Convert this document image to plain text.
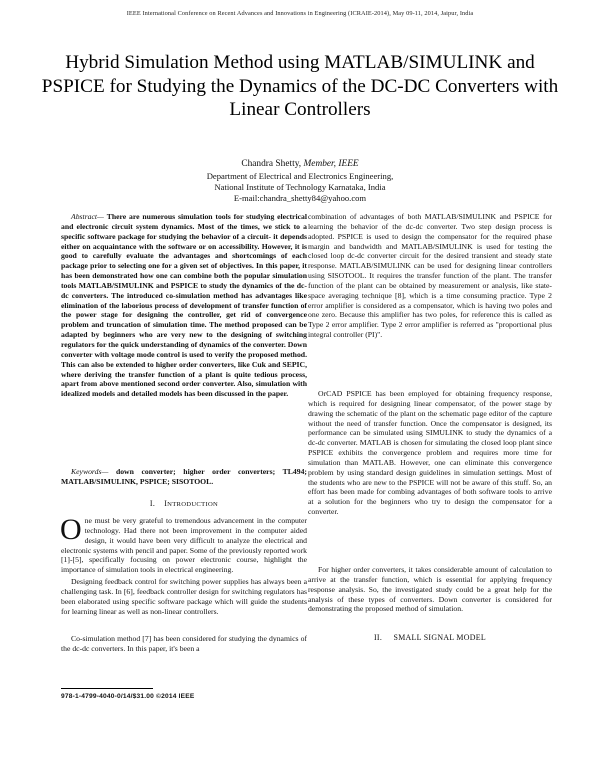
IEEE International Conference on Recent Advances and Innovations in Engineering (ICRAIE-2014), May 09-11, 2014, Jaipur, India
Hybrid Simulation Method using MATLAB/SIMULINK and PSPICE for Studying the Dynamics of the DC-DC Converters with Linear Controllers
Chandra Shetty, Member, IEEE
Department of Electrical and Electronics Engineering,
National Institute of Technology Karnataka, India
E-mail:chandra_shetty84@yahoo.com
Abstract— There are numerous simulation tools for studying electrical and electronic circuit system dynamics. Most of the times, we stick to a specific software package for studying the behavior of a circuit- it depends either on acquaintance with the software or on accessibility. However, it is good to carefully evaluate the advantages and shortcomings of each package prior to selecting one for a given set of objectives. In this paper, it has been demonstrated how one can combine both the popular simulation tools MATLAB/SIMULINK and PSPICE to study the dynamics of the dc-dc converters. The introduced co-simulation method has advantages like elimination of the laborious process of development of transfer function of the power stage for designing the controller, get rid of convergence problem and truncation of simulation time. The method proposed can be adapted by beginners who are very new to the designing of switching regulators for the quick understanding of dynamics of the converter. Down converter with voltage mode control is used to verify the proposed method. This can also be extended to higher order converters, like Cuk and SEPIC, where deriving the transfer function of a plant is quite tedious process, apart from above mentioned second order converter. Also, simulation with idealized models and detailed models has been discussed in the paper.
Keywords— down converter; higher order converters; TL494; MATLAB/SIMULINK, PSPICE; SISOTOOL.
I. INTRODUCTION
One must be very grateful to tremendous advancement in the computer technology. Had there not been improvement in the computer aided design, it would have been very difficult to analyze the electrical and electronic systems with pencil and paper. Some of the previously reported work [1]-[5], specifically focusing on power electronic course, highlight the importance of simulation tools in electrical engineering.
Designing feedback control for switching power supplies has always been a challenging task. In [6], feedback controller design for switching regulators has been elaborated using specific software package which will guide the students for learning linear as well as non-linear controllers.
Co-simulation method [7] has been considered for studying the dynamics of the dc-dc converters. In this paper, it's been a
combination of advantages of both MATLAB/SIMULINK and PSPICE for learning the behavior of the dc-dc converter. Two step design process is adopted. PSPICE is used to design the compensator for the required phase margin and bandwidth and MATLAB/SIMULINK is used for testing the closed loop dc-dc converter circuit for the desired transient and steady state response. MATLAB/SIMULINK can be used for designing linear controllers using SISOTOOL. It requires the transfer function of the plant. The transfer function of the plant can be obtained by measurement or analysis, like state-space averaging technique [8], which is a time consuming practice. Type 2 error amplifier is considered as a compensator, which is having two poles and one zero. Because this amplifier has two poles, for reference this is called as Type 2 error amplifier. Type 2 error amplifier is referred as "proportional plus integral controller (PI)".
OrCAD PSPICE has been employed for obtaining frequency response, which is required for designing linear compensator, of the power stage by drawing the schematic of the plant on the schematic page editor of the capture without the need of transfer function. Once the compensator is designed, its performance can be simulated using SIMULINK to study the dynamics of a dc-dc converter. MATLAB is chosen for simulating the closed loop plant since PSPICE exhibits the convergence problem and requires more time for simulation than MATLAB. However, one can eliminate this convergence problem by using standard design guidelines in simulation settings. Most of the students who are new to the PSPICE will not be aware of this stuff. So, an effort has been made for combing advantages of both software tools to arrive at a solution for the beginners who try to design the compensator for a converter.
For higher order converters, it takes considerable amount of calculation to arrive at the transfer function, which is essential for applying frequency response analysis. So, the investigated study could be a great help for the analysis of these types of converters. Down converter is considered for demonstrating the proposed method of simulation.
II. SMALL SIGNAL MODEL
978-1-4799-4040-0/14/$31.00 ©2014 IEEE
